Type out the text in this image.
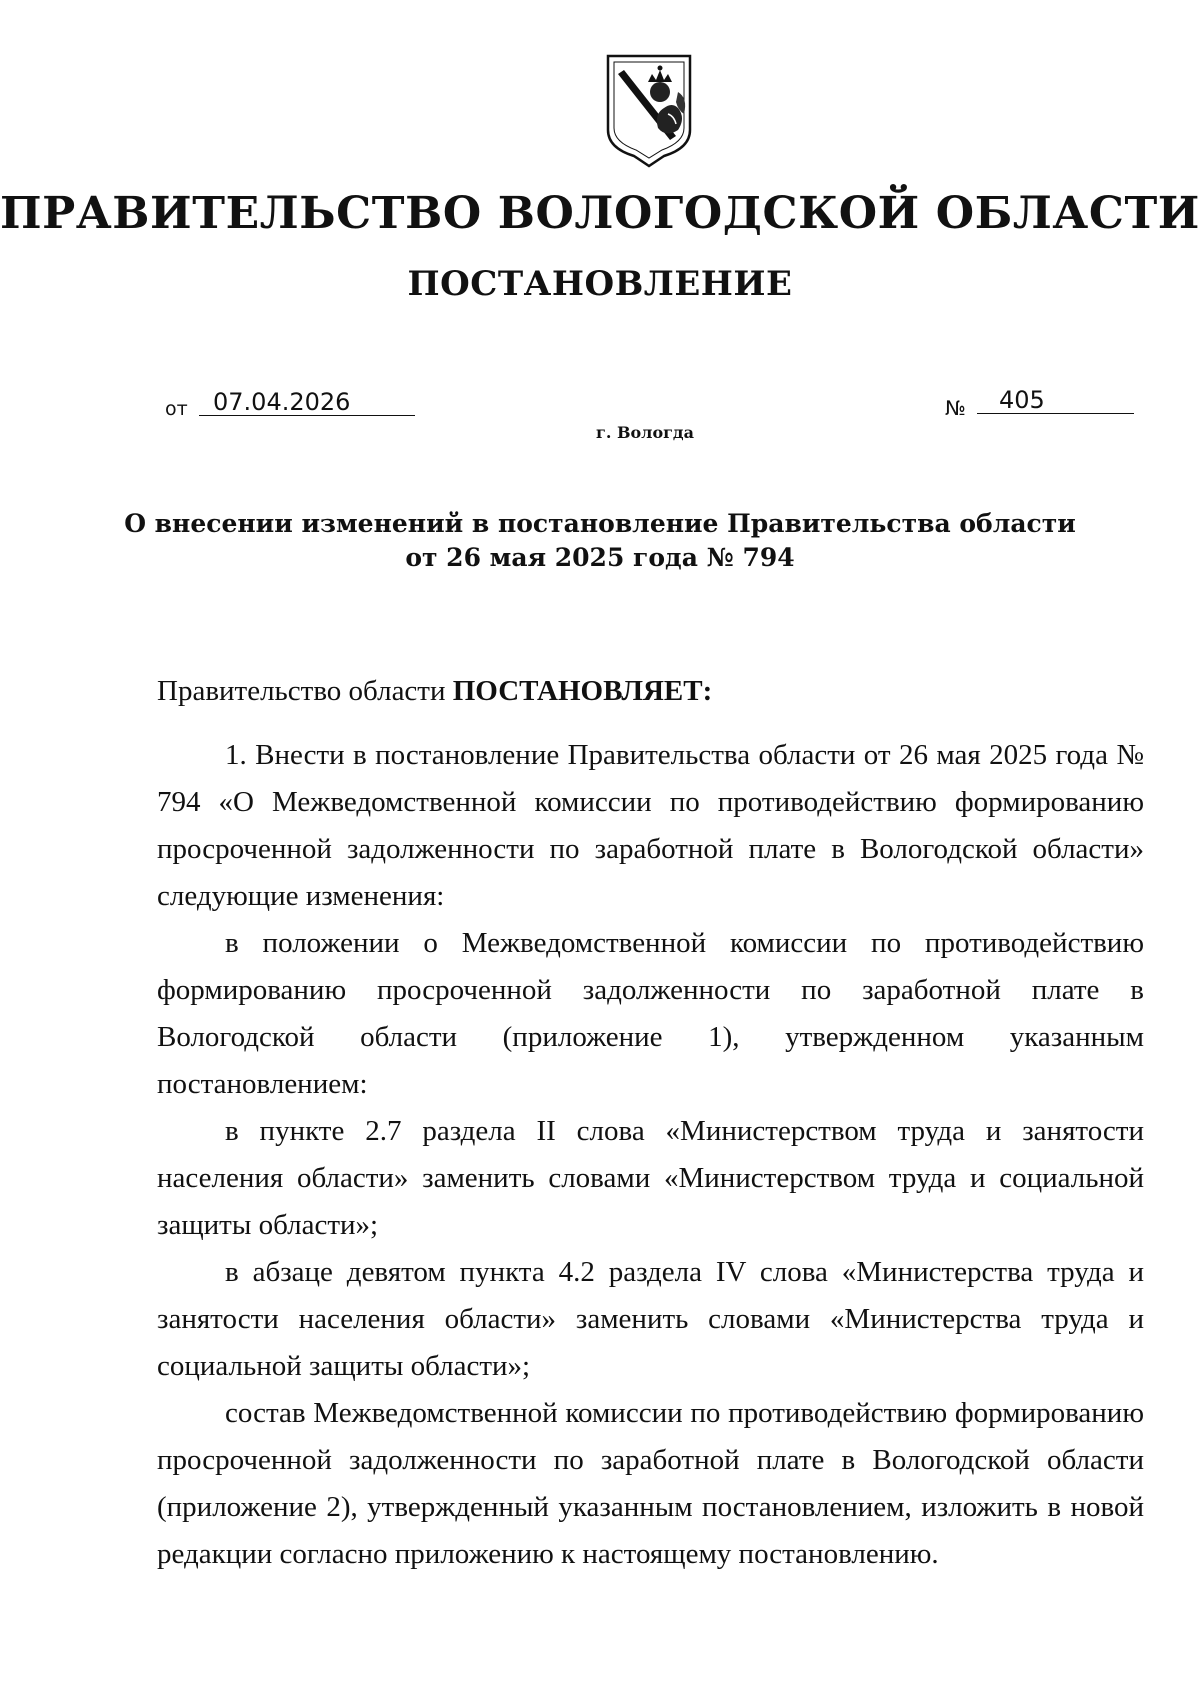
ПРАВИТЕЛЬСТВО ВОЛОГОДСКОЙ ОБЛАСТИ
ПОСТАНОВЛЕНИЕ
от	07.04.2026	№	405
г. Вологда
О внесении изменений в постановление Правительства области
от 26 мая 2025 года № 794

Правительство области ПОСТАНОВЛЯЕТ:

1. Внести в постановление Правительства области от 26 мая 2025 года № 794 «О Межведомственной комиссии по противодействию формированию просроченной задолженности по заработной плате в Вологодской области» следующие изменения:

в положении о Межведомственной комиссии по противодействию формированию просроченной задолженности по заработной плате в Вологодской области (приложение 1), утвержденном указанным постановлением:

в пункте 2.7 раздела II слова «Министерством труда и занятости населения области» заменить словами «Министерством труда и социальной защиты области»;

в абзаце девятом пункта 4.2 раздела IV слова «Министерства труда и занятости населения области» заменить словами «Министерства труда и социальной защиты области»;

состав Межведомственной комиссии по противодействию формированию просроченной задолженности по заработной плате в Вологодской области (приложение 2), утвержденный указанным постановлением, изложить в новой редакции согласно приложению к настоящему постановлению.
